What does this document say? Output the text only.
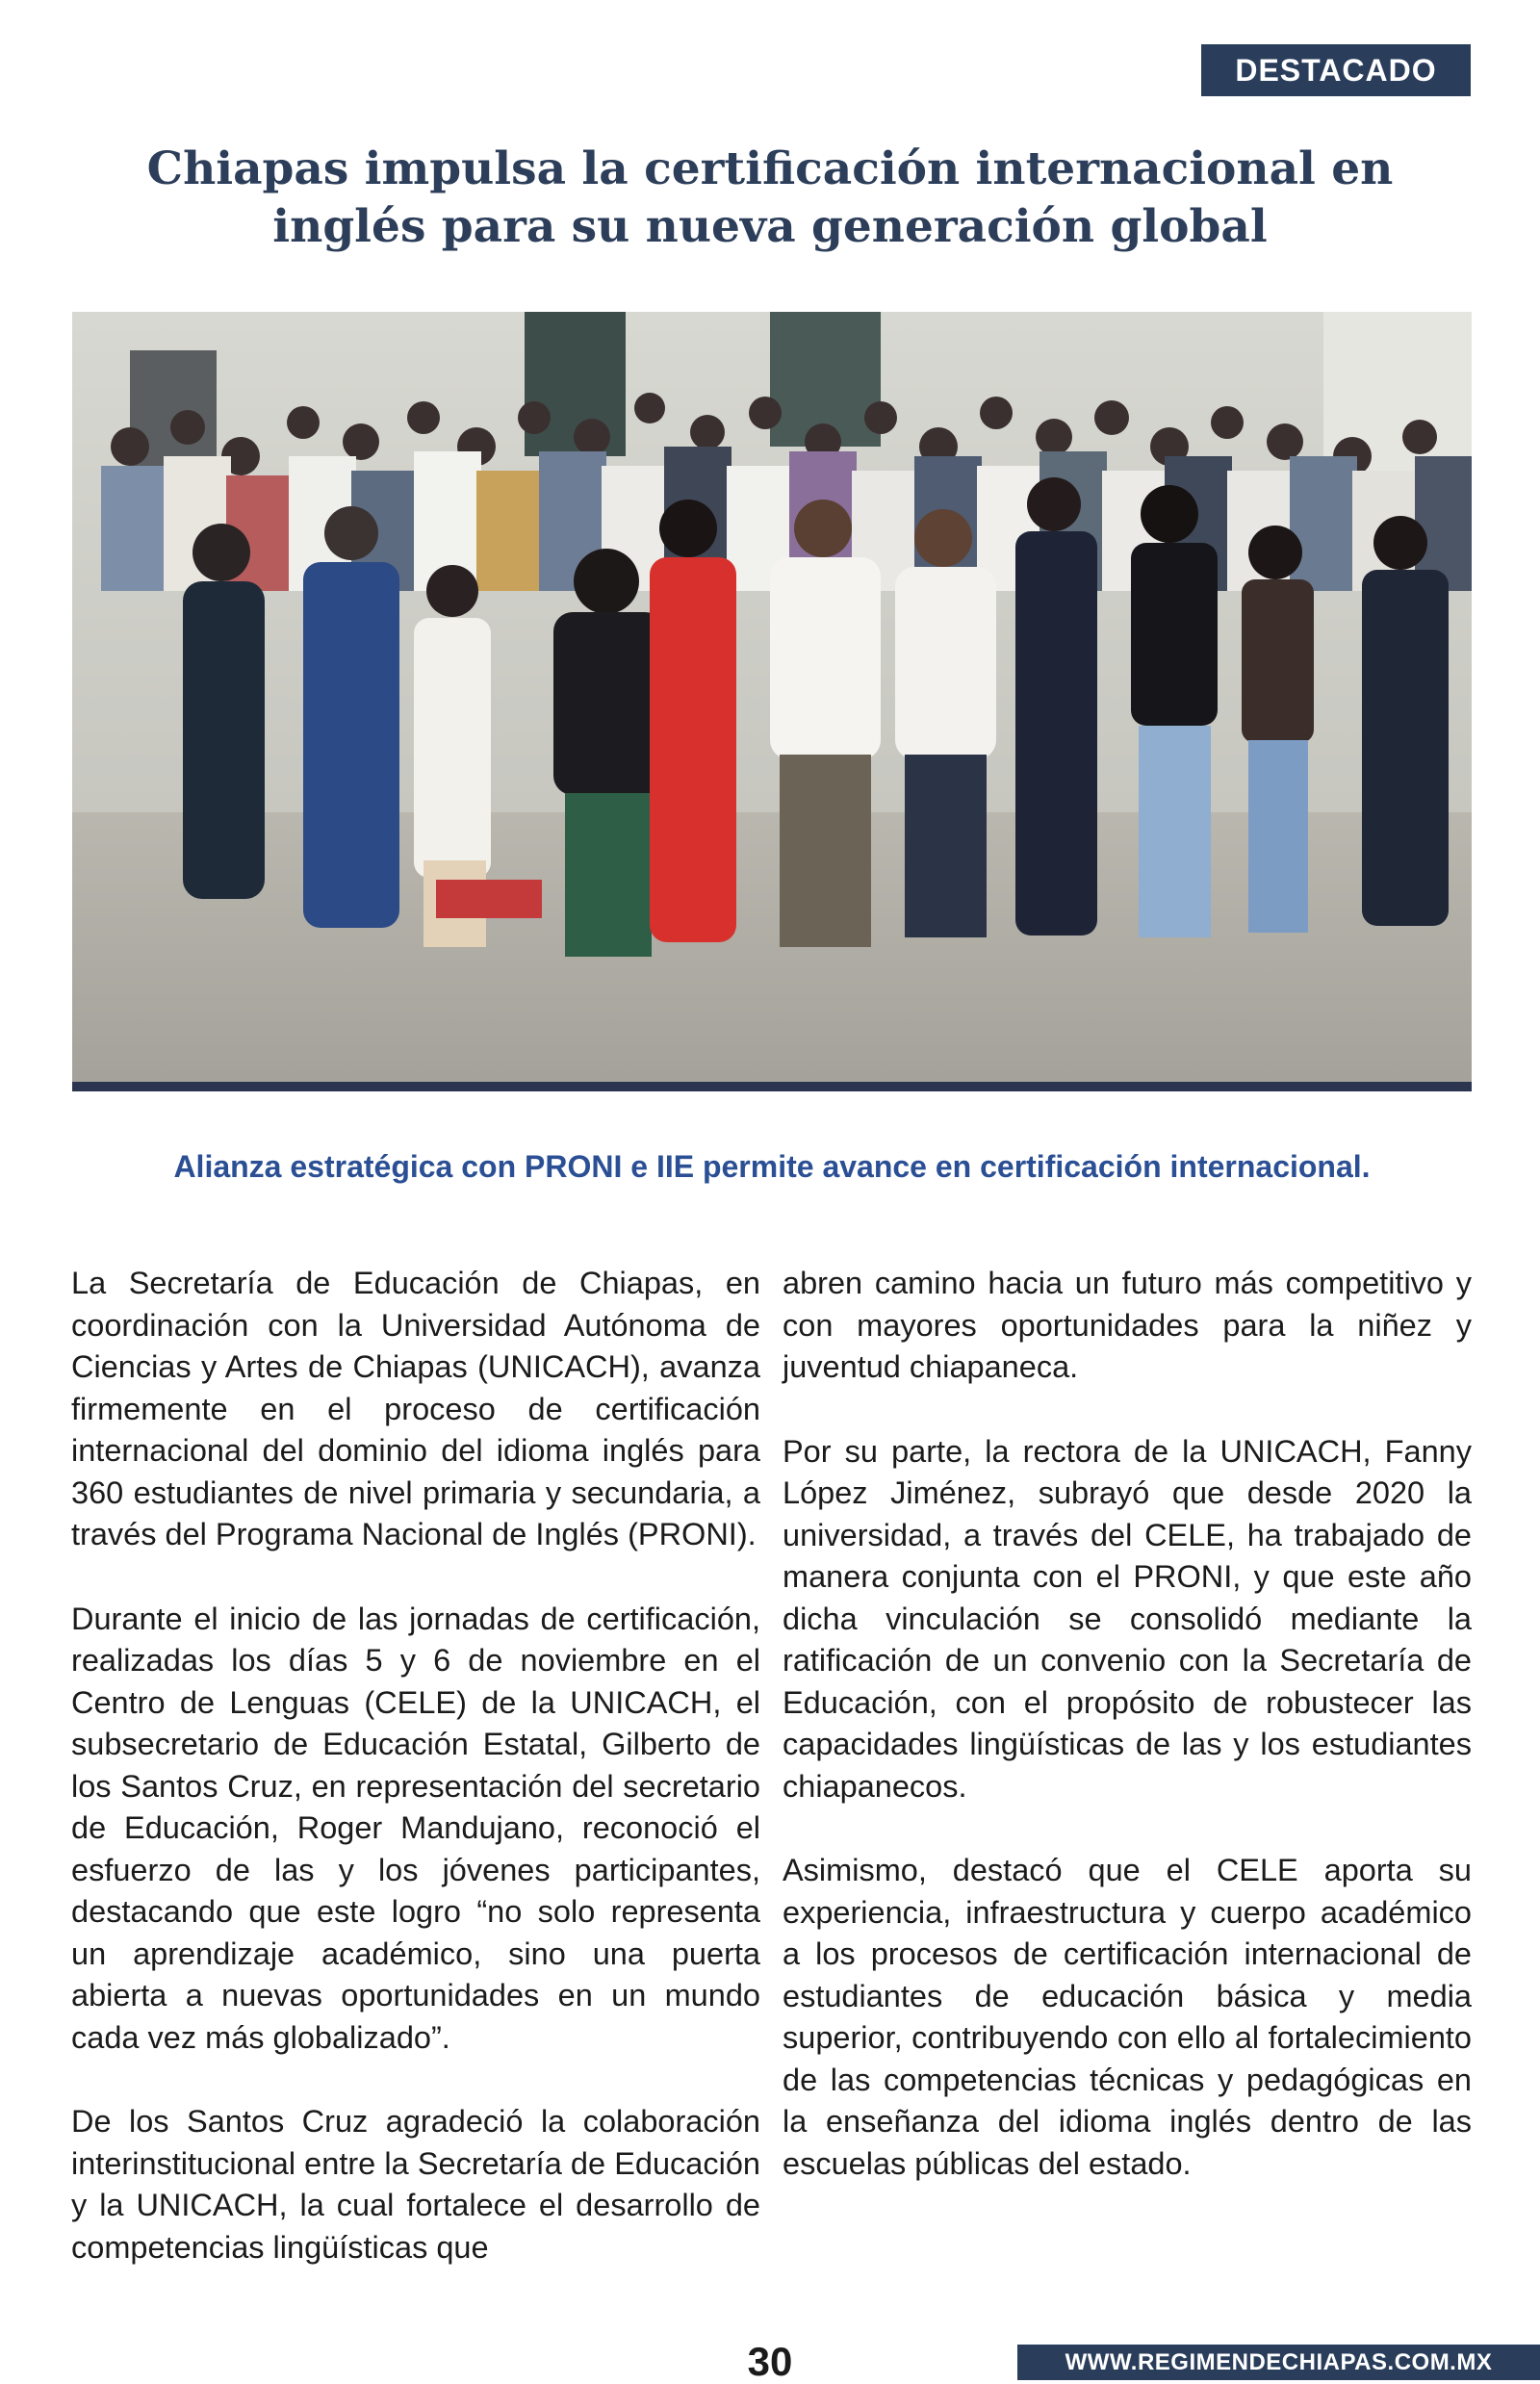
DESTACADO
Chiapas impulsa la certificación internacional en inglés para su nueva generación global
Alianza estratégica con PRONI e IIE permite avance en certificación internacional.

La Secretaría de Educación de Chiapas, en coordinación con la Universidad Autónoma de Ciencias y Artes de Chiapas (UNICACH), avanza firmemente en el proceso de certificación internacional del dominio del idioma inglés para 360 estudiantes de nivel primaria y secundaria, a través del Programa Nacional de Inglés (PRONI).

Durante el inicio de las jornadas de certificación, realizadas los días 5 y 6 de noviembre en el Centro de Lenguas (CELE) de la UNICACH, el subsecretario de Educación Estatal, Gilberto de los Santos Cruz, en representación del secretario de Educación, Roger Mandujano, reconoció el esfuerzo de las y los jóvenes participantes, destacando que este logro “no solo representa un aprendizaje académico, sino una puerta abierta a nuevas oportunidades en un mundo cada vez más globalizado”.

De los Santos Cruz agradeció la colaboración interinstitucional entre la Secretaría de Educación y la UNICACH, la cual fortalece el desarrollo de competencias lingüísticas que

abren camino hacia un futuro más competitivo y con mayores oportunidades para la niñez y juventud chiapaneca.

Por su parte, la rectora de la UNICACH, Fanny López Jiménez, subrayó que desde 2020 la universidad, a través del CELE, ha trabajado de manera conjunta con el PRONI, y que este año dicha vinculación se consolidó mediante la ratificación de un convenio con la Secretaría de Educación, con el propósito de robustecer las capacidades lingüísticas de las y los estudiantes chiapanecos.

Asimismo, destacó que el CELE aporta su experiencia, infraestructura y cuerpo académico a los procesos de certificación internacional de estudiantes de educación básica y media superior, contribuyendo con ello al fortalecimiento de las competencias técnicas y pedagógicas en la enseñanza del idioma inglés dentro de las escuelas públicas del estado.

30	WWW.REGIMENDECHIAPAS.COM.MX
